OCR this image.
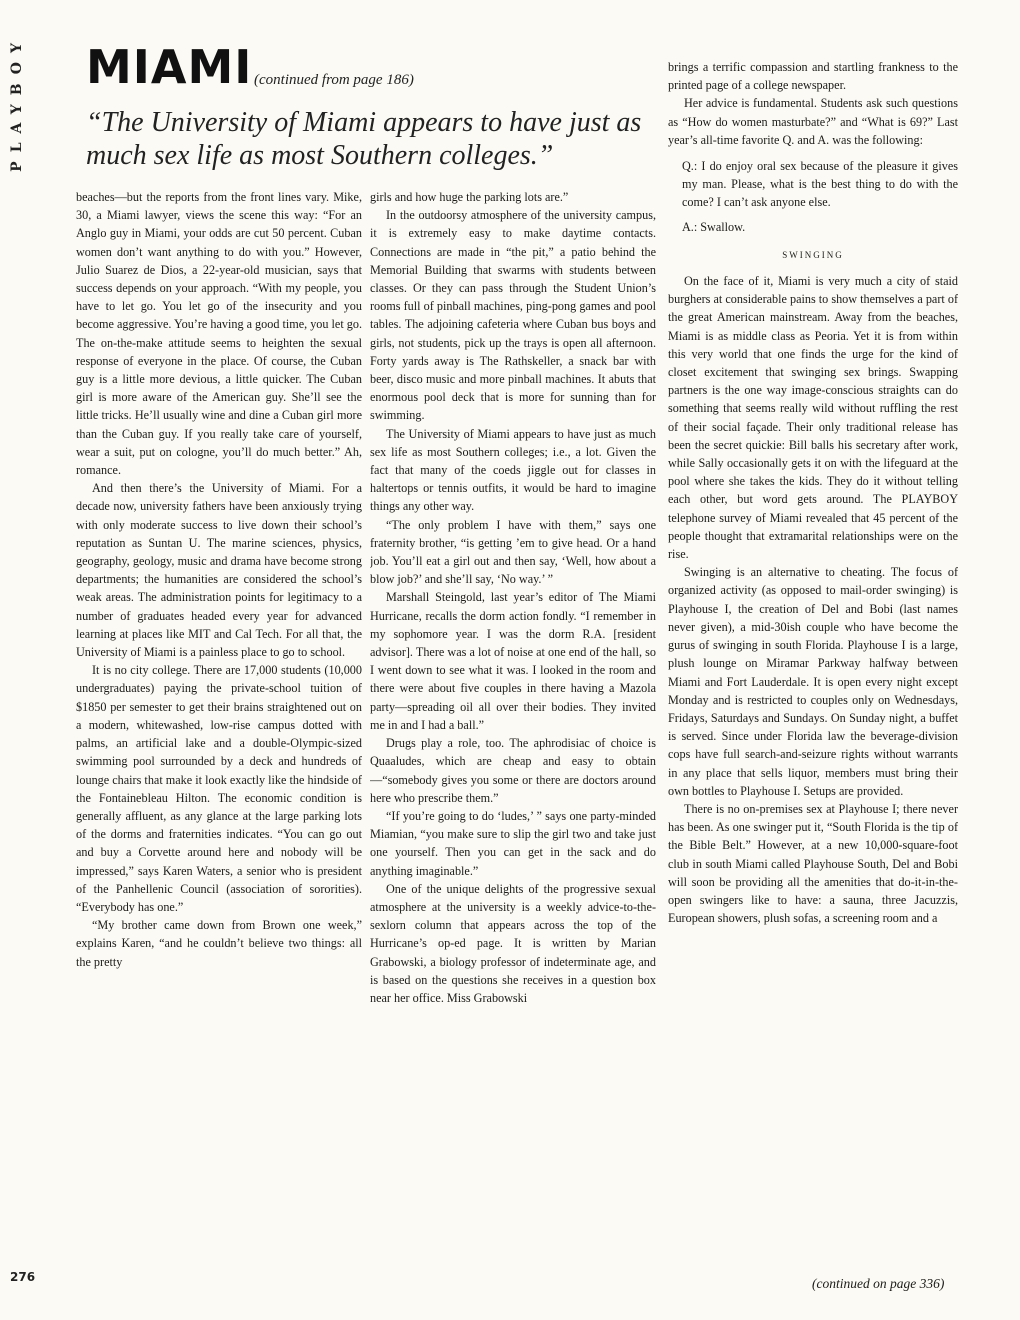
PLAYBOY MIAMI (continued from page 186)

“The University of Miami appears to have just as much sex life as most Southern colleges.”

beaches—but the reports from the front lines vary. Mike, 30, a Miami lawyer, views the scene this way: “For an Anglo guy in Miami, your odds are cut 50 percent. Cuban women don’t want anything to do with you.” However, Julio Suarez de Dios, a 22-year-old musician, says that success depends on your approach. “With my people, you have to let go. You let go of the insecurity and you become aggressive. You’re having a good time, you let go. The on-the-make attitude seems to heighten the sexual response of everyone in the place. Of course, the Cuban guy is a little more devious, a little quicker. The Cuban girl is more aware of the American guy. She’ll see the little tricks. He’ll usually wine and dine a Cuban girl more than the Cuban guy. If you really take care of yourself, wear a suit, put on cologne, you’ll do much better.” Ah, romance.

And then there’s the University of Miami. For a decade now, university fathers have been anxiously trying with only moderate success to live down their school’s reputation as Suntan U. The marine sciences, physics, geography, geology, music and drama have become strong departments; the humanities are considered the school’s weak areas. The administration points for legitimacy to a number of graduates headed every year for advanced learning at places like MIT and Cal Tech. For all that, the University of Miami is a painless place to go to school.

It is no city college. There are 17,000 students (10,000 undergraduates) paying the private-school tuition of $1850 per semester to get their brains straightened out on a modern, whitewashed, low-rise campus dotted with palms, an artificial lake and a double-Olympic-sized swimming pool surrounded by a deck and hundreds of lounge chairs that make it look exactly like the hindside of the Fontainebleau Hilton. The economic condition is generally affluent, as any glance at the large parking lots of the dorms and fraternities indicates. “You can go out and buy a Corvette around here and nobody will be impressed,” says Karen Waters, a senior who is president of the Panhellenic Council (association of sororities). “Everybody has one.”

“My brother came down from Brown one week,” explains Karen, “and he couldn’t believe two things: all the pretty

girls and how huge the parking lots are.”

In the outdoorsy atmosphere of the university campus, it is extremely easy to make daytime contacts. Connections are made in “the pit,” a patio behind the Memorial Building that swarms with students between classes. Or they can pass through the Student Union’s rooms full of pinball machines, ping-pong games and pool tables. The adjoining cafeteria where Cuban bus boys and girls, not students, pick up the trays is open all afternoon. Forty yards away is The Rathskeller, a snack bar with beer, disco music and more pinball machines. It abuts that enormous pool deck that is more for sunning than for swimming.

The University of Miami appears to have just as much sex life as most Southern colleges; i.e., a lot. Given the fact that many of the coeds jiggle out for classes in haltertops or tennis outfits, it would be hard to imagine things any other way.

“The only problem I have with them,” says one fraternity brother, “is getting ’em to give head. Or a hand job. You’ll eat a girl out and then say, ‘Well, how about a blow job?’ and she’ll say, ‘No way.’ ”

Marshall Steingold, last year’s editor of The Miami Hurricane, recalls the dorm action fondly. “I remember in my sophomore year. I was the dorm R.A. [resident advisor]. There was a lot of noise at one end of the hall, so I went down to see what it was. I looked in the room and there were about five couples in there having a Mazola party—spreading oil all over their bodies. They invited me in and I had a ball.”

Drugs play a role, too. The aphrodisiac of choice is Quaaludes, which are cheap and easy to obtain—“somebody gives you some or there are doctors around here who prescribe them.”

“If you’re going to do ‘ludes,’ ” says one party-minded Miamian, “you make sure to slip the girl two and take just one yourself. Then you can get in the sack and do anything imaginable.”

One of the unique delights of the progressive sexual atmosphere at the university is a weekly advice-to-the-sexlorn column that appears across the top of the Hurricane’s op-ed page. It is written by Marian Grabowski, a biology professor of indeterminate age, and is based on the questions she receives in a question box near her office. Miss Grabowski

brings a terrific compassion and startling frankness to the printed page of a college newspaper.

Her advice is fundamental. Students ask such questions as “How do women masturbate?” and “What is 69?” Last year’s all-time favorite Q. and A. was the following:

Q.: I do enjoy oral sex because of the pleasure it gives my man. Please, what is the best thing to do with the come? I can’t ask anyone else.

A.: Swallow.

SWINGING

On the face of it, Miami is very much a city of staid burghers at considerable pains to show themselves a part of the great American mainstream. Away from the beaches, Miami is as middle class as Peoria. Yet it is from within this very world that one finds the urge for the kind of closet excitement that swinging sex brings. Swapping partners is the one way image-conscious straights can do something that seems really wild without ruffling the rest of their social façade. Their only traditional release has been the secret quickie: Bill balls his secretary after work, while Sally occasionally gets it on with the lifeguard at the pool where she takes the kids. They do it without telling each other, but word gets around. The PLAYBOY telephone survey of Miami revealed that 45 percent of the people thought that extramarital relationships were on the rise.

Swinging is an alternative to cheating. The focus of organized activity (as opposed to mail-order swinging) is Playhouse I, the creation of Del and Bobi (last names never given), a mid-30ish couple who have become the gurus of swinging in south Florida. Playhouse I is a large, plush lounge on Miramar Parkway halfway between Miami and Fort Lauderdale. It is open every night except Monday and is restricted to couples only on Wednesdays, Fridays, Saturdays and Sundays. On Sunday night, a buffet is served. Since under Florida law the beverage-division cops have full search-and-seizure rights without warrants in any place that sells liquor, members must bring their own bottles to Playhouse I. Setups are provided.

There is no on-premises sex at Playhouse I; there never has been. As one swinger put it, “South Florida is the tip of the Bible Belt.” However, at a new 10,000-square-foot club in south Miami called Playhouse South, Del and Bobi will soon be providing all the amenities that do-it-in-the-open swingers like to have: a sauna, three Jacuzzis, European showers, plush sofas, a screening room and a

276	(continued on page 336)
